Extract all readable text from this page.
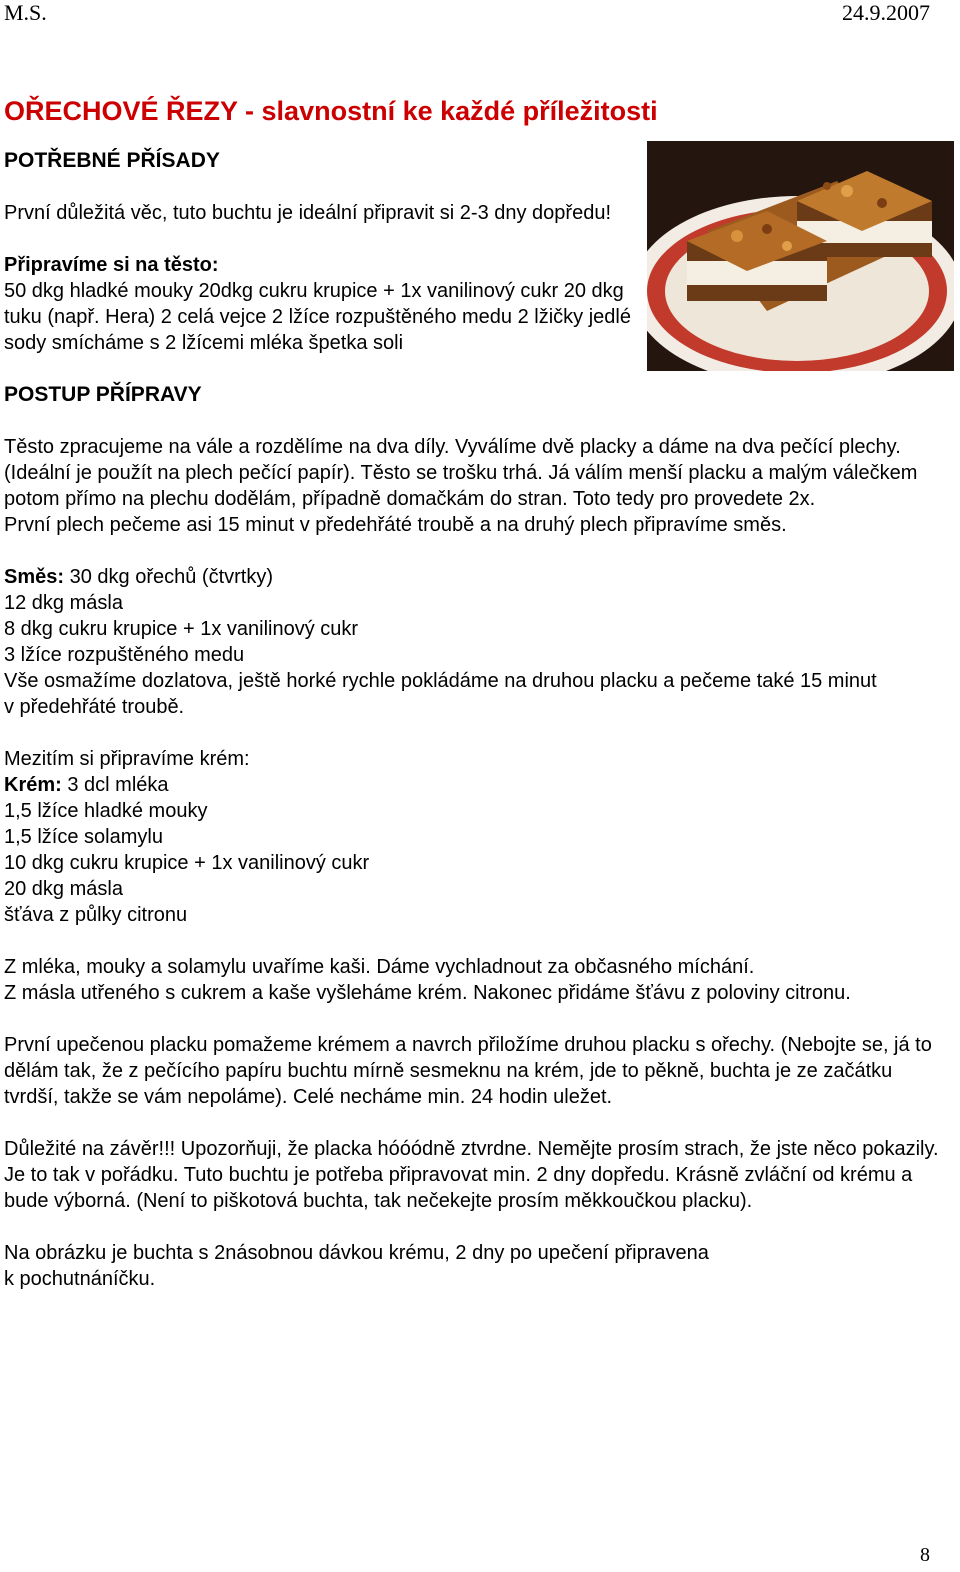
M.S.	24.9.2007
OŘECHOVÉ ŘEZY - slavnostní ke každé příležitosti
POTŘEBNÉ PŘÍSADY

První důležitá věc, tuto buchtu je ideální připravit si 2-3 dny dopředu!

Připravíme si na těsto:
50 dkg hladké mouky 20dkg cukru krupice + 1x vanilinový cukr 20 dkg tuku (např. Hera) 2 celá vejce 2 lžíce rozpuštěného medu 2 lžičky jedlé sody smícháme s 2 lžícemi mléka špetka soli

POSTUP PŘÍPRAVY

Těsto zpracujeme na vále a rozdělíme na dva díly. Vyválíme dvě placky a dáme na dva pečící plechy.
(Ideální je použít na plech pečící papír). Těsto se trošku trhá. Já válím menší placku a malým válečkem potom přímo na plechu dodělám, případně domačkám do stran. Toto tedy pro provedete 2x.
První plech pečeme asi 15 minut v předehřáté troubě a na druhý plech připravíme směs.

Směs: 30 dkg ořechů (čtvrtky)
12 dkg másla
8 dkg cukru krupice + 1x vanilinový cukr
3 lžíce rozpuštěného medu
Vše osmažíme dozlatova, ještě horké rychle pokládáme na druhou placku a pečeme také 15 minut
v předehřáté troubě.

Mezitím si připravíme krém:
Krém: 3 dcl mléka
1,5 lžíce hladké mouky
1,5 lžíce solamylu
10 dkg cukru krupice + 1x vanilinový cukr
20 dkg másla
šťáva z půlky citronu

Z mléka, mouky a solamylu uvaříme kaši. Dáme vychladnout za občasného míchání.
Z másla utřeného s cukrem a kaše vyšleháme krém. Nakonec přidáme šťávu z poloviny citronu.

První upečenou placku pomažeme krémem a navrch přiložíme druhou placku s ořechy. (Nebojte se, já to dělám tak, že z pečícího papíru buchtu mírně sesmeknu na krém, jde to pěkně, buchta je ze začátku tvrdší, takže se vám nepoláme). Celé necháme min. 24 hodin uležet.

Důležité na závěr!!! Upozorňuji, že placka hóóódně ztvrdne. Nemějte prosím strach, že jste něco pokazily. Je to tak v pořádku. Tuto buchtu je potřeba připravovat min. 2 dny dopředu. Krásně zvláční od krému a bude výborná. (Není to piškotová buchta, tak nečekejte prosím měkkoučkou placku).

Na obrázku je buchta s 2násobnou dávkou krému, 2 dny po upečení připravena
k pochutnáníčku.

8
